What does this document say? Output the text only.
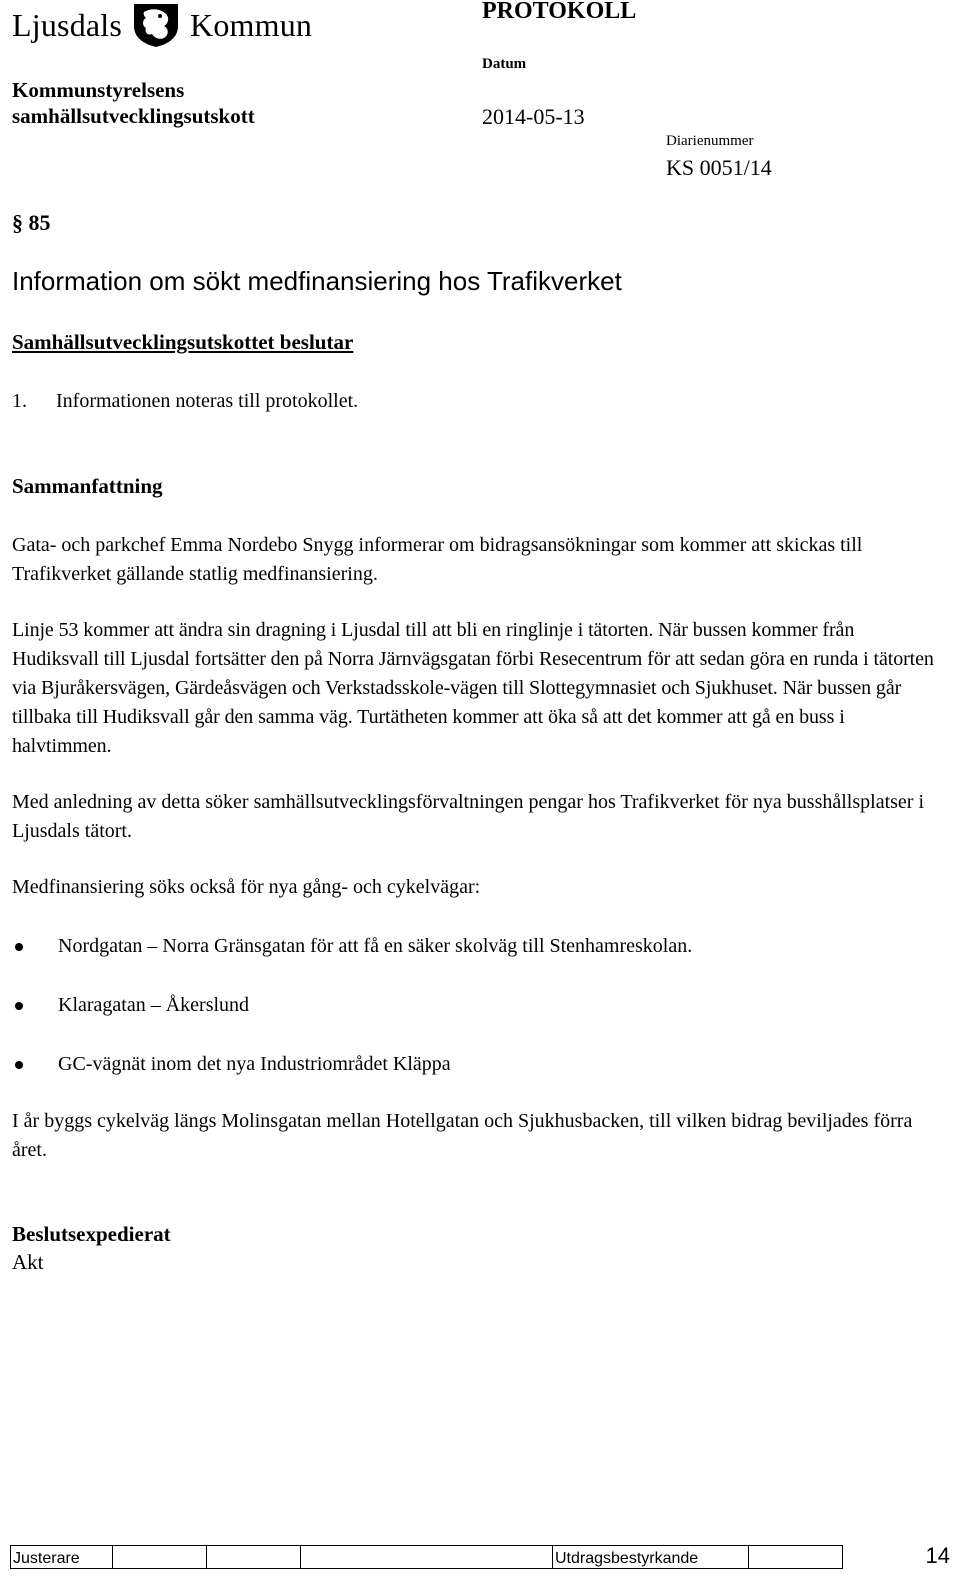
Ljusdals Kommun	PROTOKOLL
Kommunstyrelsens
samhällsutvecklingsutskott
Datum
2014-05-13
Diarienummer
KS 0051/14
§ 85
Information om sökt medfinansiering hos Trafikverket
Samhällsutvecklingsutskottet beslutar
1. Informationen noteras till protokollet.
Sammanfattning
Gata- och parkchef Emma Nordebo Snygg informerar om bidragsansökningar som kommer att skickas till Trafikverket gällande statlig medfinansiering.
Linje 53 kommer att ändra sin dragning i Ljusdal till att bli en ringlinje i tätorten. När bussen kommer från Hudiksvall till Ljusdal fortsätter den på Norra Järnvägsgatan förbi Resecentrum för att sedan göra en runda i tätorten via Bjuråkersvägen, Gärdeåsvägen och Verkstadsskole-vägen till Slottegymnasiet och Sjukhuset. När bussen går tillbaka till Hudiksvall går den samma väg. Turtätheten kommer att öka så att det kommer att gå en buss i halvtimmen.
Med anledning av detta söker samhällsutvecklingsförvaltningen pengar hos Trafikverket för nya busshållsplatser i Ljusdals tätort.
Medfinansiering söks också för nya gång- och cykelvägar:
Nordgatan – Norra Gränsgatan för att få en säker skolväg till Stenhamreskolan.
Klaragatan – Åkerslund
GC-vägnät inom det nya Industriområdet Kläppa
I år byggs cykelväg längs Molinsgatan mellan Hotellgatan och Sjukhusbacken, till vilken bidrag beviljades förra året.
Beslutsexpedierat
Akt
Justerare	Utdragsbestyrkande	14
